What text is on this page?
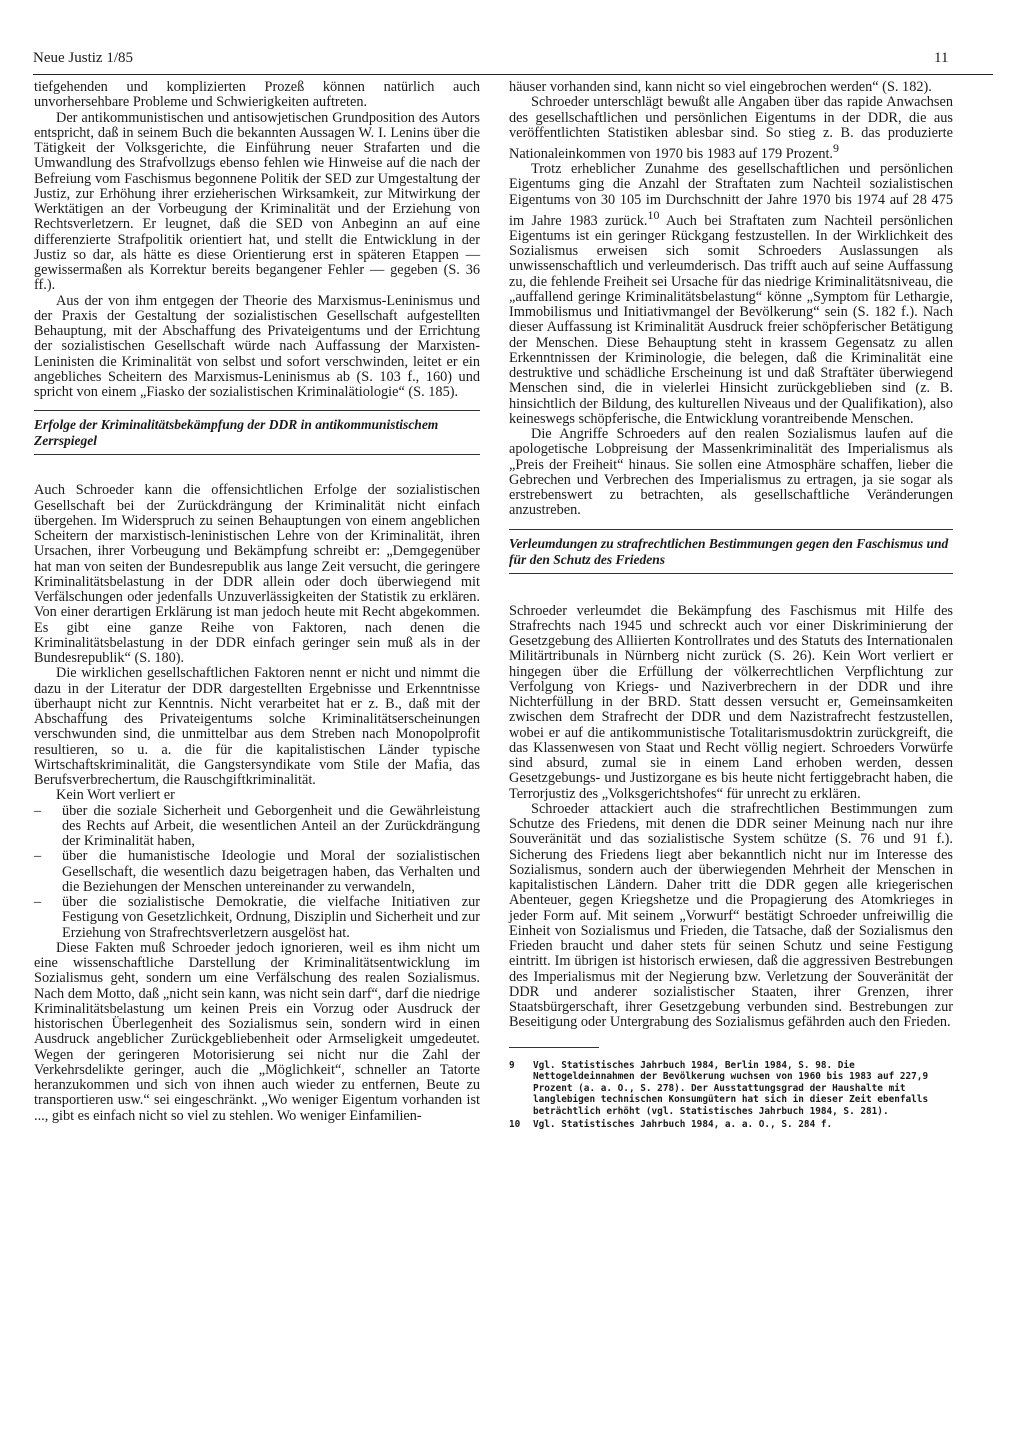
Neue Justiz 1/85	11

tiefgehenden und komplizierten Prozeß können natürlich auch unvorhersehbare Probleme und Schwierigkeiten auftreten.

Der antikommunistischen und antisowjetischen Grundposition des Autors entspricht, daß in seinem Buch die bekannten Aussagen W. I. Lenins über die Tätigkeit der Volksgerichte, die Einführung neuer Strafarten und die Umwandlung des Strafvollzugs ebenso fehlen wie Hinweise auf die nach der Befreiung vom Faschismus begonnene Politik der SED zur Umgestaltung der Justiz, zur Erhöhung ihrer erzieherischen Wirksamkeit, zur Mitwirkung der Werktätigen an der Vorbeugung der Kriminalität und der Erziehung von Rechtsverletzern. Er leugnet, daß die SED von Anbeginn an auf eine differenzierte Strafpolitik orientiert hat, und stellt die Entwicklung in der Justiz so dar, als hätte es diese Orientierung erst in späteren Etappen — gewissermaßen als Korrektur bereits begangener Fehler — gegeben (S. 36 ff.).

Aus der von ihm entgegen der Theorie des Marxismus-Leninismus und der Praxis der Gestaltung der sozialistischen Gesellschaft aufgestellten Behauptung, mit der Abschaffung des Privateigentums und der Errichtung der sozialistischen Gesellschaft würde nach Auffassung der Marxisten-Leninisten die Kriminalität von selbst und sofort verschwinden, leitet er ein angebliches Scheitern des Marxismus-Leninismus ab (S. 103 f., 160) und spricht von einem „Fiasko der sozialistischen Kriminalätiologie“ (S. 185).

Erfolge der Kriminalitätsbekämpfung der DDR in antikommunistischem Zerrspiegel

Auch Schroeder kann die offensichtlichen Erfolge der sozialistischen Gesellschaft bei der Zurückdrängung der Kriminalität nicht einfach übergehen. Im Widerspruch zu seinen Behauptungen von einem angeblichen Scheitern der marxistisch-leninistischen Lehre von der Kriminalität, ihren Ursachen, ihrer Vorbeugung und Bekämpfung schreibt er: „Demgegenüber hat man von seiten der Bundesrepublik aus lange Zeit versucht, die geringere Kriminalitätsbelastung in der DDR allein oder doch überwiegend mit Verfälschungen oder jedenfalls Unzuverlässigkeiten der Statistik zu erklären. Von einer derartigen Erklärung ist man jedoch heute mit Recht abgekommen. Es gibt eine ganze Reihe von Faktoren, nach denen die Kriminalitätsbelastung in der DDR einfach geringer sein muß als in der Bundesrepublik“ (S. 180).

Die wirklichen gesellschaftlichen Faktoren nennt er nicht und nimmt die dazu in der Literatur der DDR dargestellten Ergebnisse und Erkenntnisse überhaupt nicht zur Kenntnis. Nicht verarbeitet hat er z. B., daß mit der Abschaffung des Privateigentums solche Kriminalitätserscheinungen verschwunden sind, die unmittelbar aus dem Streben nach Monopolprofit resultieren, so u. a. die für die kapitalistischen Länder typische Wirtschaftskriminalität, die Gangstersyndikate vom Stile der Mafia, das Berufsverbrechertum, die Rauschgiftkriminalität.

Kein Wort verliert er

– über die soziale Sicherheit und Geborgenheit und die Gewährleistung des Rechts auf Arbeit, die wesentlichen Anteil an der Zurückdrängung der Kriminalität haben,
– über die humanistische Ideologie und Moral der sozialistischen Gesellschaft, die wesentlich dazu beigetragen haben, das Verhalten und die Beziehungen der Menschen untereinander zu verwandeln,
– über die sozialistische Demokratie, die vielfache Initiativen zur Festigung von Gesetzlichkeit, Ordnung, Disziplin und Sicherheit und zur Erziehung von Strafrechtsverletzern ausgelöst hat.

Diese Fakten muß Schroeder jedoch ignorieren, weil es ihm nicht um eine wissenschaftliche Darstellung der Kriminalitätsentwicklung im Sozialismus geht, sondern um eine Verfälschung des realen Sozialismus. Nach dem Motto, daß „nicht sein kann, was nicht sein darf“, darf die niedrige Kriminalitätsbelastung um keinen Preis ein Vorzug oder Ausdruck der historischen Überlegenheit des Sozialismus sein, sondern wird in einen Ausdruck angeblicher Zurückgebliebenheit oder Armseligkeit umgedeutet. Wegen der geringeren Motorisierung sei nicht nur die Zahl der Verkehrsdelikte geringer, auch die „Möglichkeit“, schneller an Tatorte heranzukommen und sich von ihnen auch wieder zu entfernen, Beute zu transportieren usw.“ sei eingeschränkt. „Wo weniger Eigentum vorhanden ist ..., gibt es einfach nicht so viel zu stehlen. Wo weniger Einfamilien-

häuser vorhanden sind, kann nicht so viel eingebrochen werden“ (S. 182).

Schroeder unterschlägt bewußt alle Angaben über das rapide Anwachsen des gesellschaftlichen und persönlichen Eigentums in der DDR, die aus veröffentlichten Statistiken ablesbar sind. So stieg z. B. das produzierte Nationaleinkommen von 1970 bis 1983 auf 179 Prozent.$^9$

Trotz erheblicher Zunahme des gesellschaftlichen und persönlichen Eigentums ging die Anzahl der Straftaten zum Nachteil sozialistischen Eigentums von 30 105 im Durchschnitt der Jahre 1970 bis 1974 auf 28 475 im Jahre 1983 zurück.$^{10}$ Auch bei Straftaten zum Nachteil persönlichen Eigentums ist ein geringer Rückgang festzustellen. In der Wirklichkeit des Sozialismus erweisen sich somit Schroeders Auslassungen als unwissenschaftlich und verleumderisch. Das trifft auch auf seine Auffassung zu, die fehlende Freiheit sei Ursache für das niedrige Kriminalitätsniveau, die „auffallend geringe Kriminalitätsbelastung“ könne „Symptom für Lethargie, Immobilismus und Initiativmangel der Bevölkerung“ sein (S. 182 f.). Nach dieser Auffassung ist Kriminalität Ausdruck freier schöpferischer Betätigung der Menschen. Diese Behauptung steht in krassem Gegensatz zu allen Erkenntnissen der Kriminologie, die belegen, daß die Kriminalität eine destruktive und schädliche Erscheinung ist und daß Straftäter überwiegend Menschen sind, die in vielerlei Hinsicht zurückgeblieben sind (z. B. hinsichtlich der Bildung, des kulturellen Niveaus und der Qualifikation), also keineswegs schöpferische, die Entwicklung vorantreibende Menschen.

Die Angriffe Schroeders auf den realen Sozialismus laufen auf die apologetische Lobpreisung der Massenkriminalität des Imperialismus als „Preis der Freiheit“ hinaus. Sie sollen eine Atmosphäre schaffen, lieber die Gebrechen und Verbrechen des Imperialismus zu ertragen, ja sie sogar als erstrebenswert zu betrachten, als gesellschaftliche Veränderungen anzustreben.

Verleumdungen zu strafrechtlichen Bestimmungen gegen den Faschismus und für den Schutz des Friedens

Schroeder verleumdet die Bekämpfung des Faschismus mit Hilfe des Strafrechts nach 1945 und schreckt auch vor einer Diskriminierung der Gesetzgebung des Alliierten Kontrollrates und des Statuts des Internationalen Militärtribunals in Nürnberg nicht zurück (S. 26). Kein Wort verliert er hingegen über die Erfüllung der völkerrechtlichen Verpflichtung zur Verfolgung von Kriegs- und Naziverbrechern in der DDR und ihre Nichterfüllung in der BRD. Statt dessen versucht er, Gemeinsamkeiten zwischen dem Strafrecht der DDR und dem Nazistrafrecht festzustellen, wobei er auf die antikommunistische Totalitarismusdoktrin zurückgreift, die das Klassenwesen von Staat und Recht völlig negiert. Schroeders Vorwürfe sind absurd, zumal sie in einem Land erhoben werden, dessen Gesetzgebungs- und Justizorgane es bis heute nicht fertiggebracht haben, die Terrorjustiz des „Volksgerichtshofes“ für unrecht zu erklären.

Schroeder attackiert auch die strafrechtlichen Bestimmungen zum Schutze des Friedens, mit denen die DDR seiner Meinung nach nur ihre Souveränität und das sozialistische System schütze (S. 76 und 91 f.). Sicherung des Friedens liegt aber bekanntlich nicht nur im Interesse des Sozialismus, sondern auch der überwiegenden Mehrheit der Menschen in kapitalistischen Ländern. Daher tritt die DDR gegen alle kriegerischen Abenteuer, gegen Kriegshetze und die Propagierung des Atomkrieges in jeder Form auf. Mit seinem „Vorwurf“ bestätigt Schroeder unfreiwillig die Einheit von Sozialismus und Frieden, die Tatsache, daß der Sozialismus den Frieden braucht und daher stets für seinen Schutz und seine Festigung eintritt. Im übrigen ist historisch erwiesen, daß die aggressiven Bestrebungen des Imperialismus mit der Negierung bzw. Verletzung der Souveränität der DDR und anderer sozialistischer Staaten, ihrer Grenzen, ihrer Staatsbürgerschaft, ihrer Gesetzgebung verbunden sind. Bestrebungen zur Beseitigung oder Untergrabung des Sozialismus gefährden auch den Frieden.

9	Vgl. Statistisches Jahrbuch 1984, Berlin 1984, S. 98. Die Nettogeldeinnahmen der Bevölkerung wuchsen von 1960 bis 1983 auf 227,9 Prozent (a. a. O., S. 278). Der Ausstattungsgrad der Haushalte mit langlebigen technischen Konsumgütern hat sich in dieser Zeit ebenfalls beträchtlich erhöht (vgl. Statistisches Jahrbuch 1984, S. 281).
10	Vgl. Statistisches Jahrbuch 1984, a. a. O., S. 284 f.
